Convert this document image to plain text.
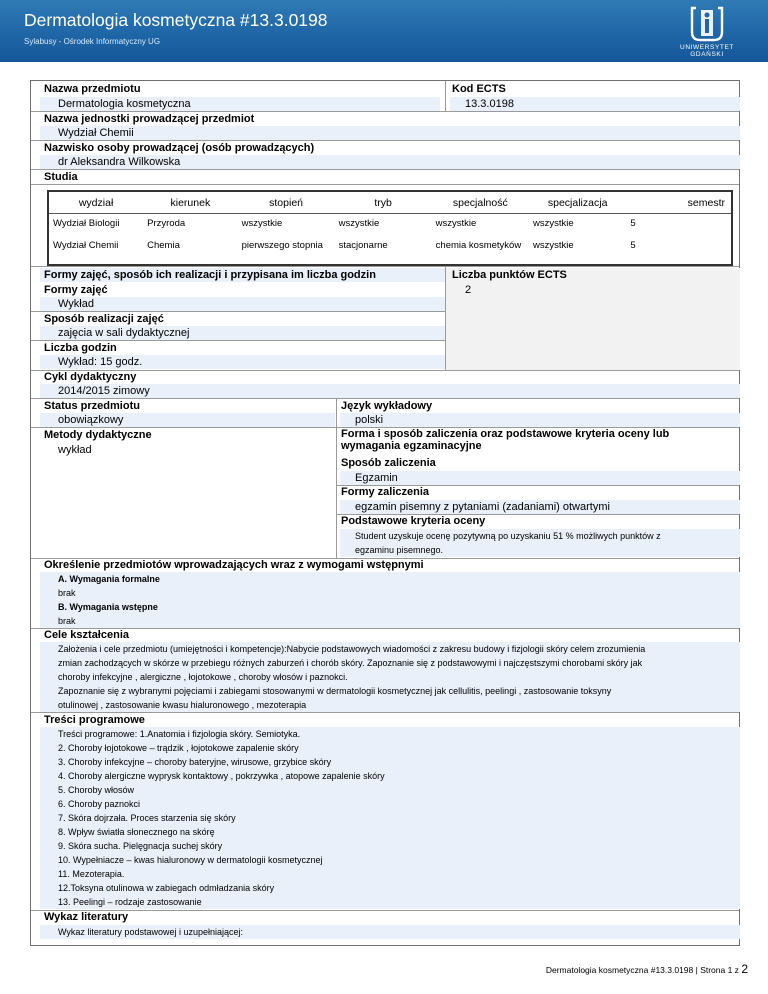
Dermatologia kosmetyczna #13.3.0198
Sylabusy - Ośrodek Informatyczny UG
UNIWERSYTET GDAŃSKI
Nazwa przedmiotu
Dermatologia kosmetyczna
Kod ECTS
13.3.0198
Nazwa jednostki prowadzącej przedmiot
Wydział Chemii
Nazwisko osoby prowadzącej (osób prowadzących)
dr Aleksandra Wilkowska
Studia
wydział	kierunek	stopień	tryb	specjalność	specjalizacja	semestr
Wydział Biologii	Przyroda	wszystkie	wszystkie	wszystkie	wszystkie	5
Wydział Chemii	Chemia	pierwszego stopnia	stacjonarne	chemia kosmetyków	wszystkie	5
Formy zajęć, sposób ich realizacji i przypisana im liczba godzin	Liczba punktów ECTS
2
Formy zajęć
Wykład
Sposób realizacji zajęć
zajęcia w sali dydaktycznej
Liczba godzin
Wykład: 15 godz.
Cykl dydaktyczny
2014/2015 zimowy
Status przedmiotu
obowiązkowy
Język wykładowy
polski
Metody dydaktyczne
wykład
Forma i sposób zaliczenia oraz podstawowe kryteria oceny lub
wymagania egzaminacyjne
Sposób zaliczenia
Egzamin
Formy zaliczenia
egzamin pisemny z pytaniami (zadaniami) otwartymi
Podstawowe kryteria oceny
Student uzyskuje ocenę pozytywną po uzyskaniu 51 % możliwych punktów z
egzaminu pisemnego.
Określenie przedmiotów wprowadzających wraz z wymogami wstępnymi
A. Wymagania formalne
brak
B. Wymagania wstępne
brak
Cele kształcenia
Założenia i cele przedmiotu (umiejętności i kompetencje):Nabycie podstawowych wiadomości z zakresu budowy i fizjologii skóry celem zrozumienia
zmian zachodzących w skórze w przebiegu różnych zaburzeń i chorób skóry. Zapoznanie się z podstawowymi i najczęstszymi chorobami skóry jak
choroby infekcyjne , alergiczne , łojotokowe , choroby włosów i paznokci.
Zapoznanie się z wybranymi pojęciami i zabiegami stosowanymi w dermatologii kosmetycznej jak cellulitis, peelingi , zastosowanie toksyny
otulinowej , zastosowanie kwasu hialuronowego , mezoterapia
Treści programowe
Treści programowe: 1.Anatomia i fizjologia skóry. Semiotyka.
2. Choroby łojotokowe – trądzik , łojotokowe zapalenie skóry
3. Choroby infekcyjne – choroby bateryjne, wirusowe, grzybice skóry
4. Choroby alergiczne wyprysk kontaktowy , pokrzywka , atopowe zapalenie skóry
5. Choroby włosów
6. Choroby paznokci
7. Skóra dojrzała. Proces starzenia się skóry
8. Wpływ światła słonecznego na skórę
9. Skóra sucha. Pielęgnacja suchej skóry
10. Wypełniacze – kwas hialuronowy w dermatologii kosmetycznej
11. Mezoterapia.
12.Toksyna otulinowa w zabiegach odmładzania skóry
13. Peelingi – rodzaje zastosowanie
Wykaz literatury
Wykaz literatury podstawowej i uzupełniającej:
Dermatologia kosmetyczna #13.3.0198 | Strona 1 z 2
